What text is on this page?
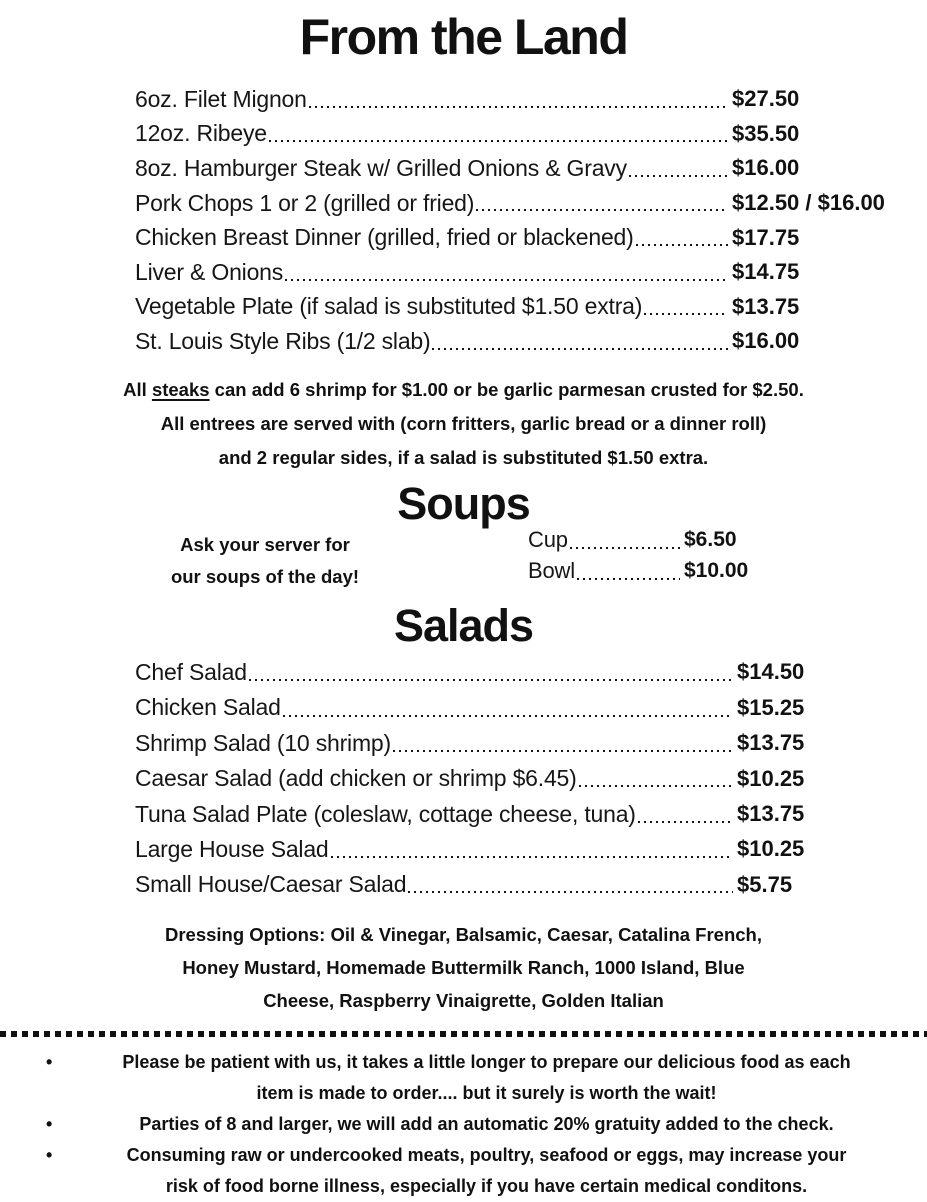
From the Land
6oz. Filet Mignon	$27.50
12oz. Ribeye	$35.50
8oz. Hamburger Steak w/ Grilled Onions & Gravy	$16.00
Pork Chops 1 or 2 (grilled or fried)	$12.50 / $16.00
Chicken Breast Dinner (grilled, fried or blackened)	$17.75
Liver & Onions	$14.75
Vegetable Plate (if salad is substituted $1.50 extra)	$13.75
St. Louis Style Ribs (1/2 slab)	$16.00
All steaks can add 6 shrimp for $1.00 or be garlic parmesan crusted for $2.50.
All entrees are served with (corn fritters, garlic bread or a dinner roll)
and 2 regular sides, if a salad is substituted $1.50 extra.
Soups
Ask your server for
our soups of the day!
Cup	$6.50
Bowl	$10.00
Salads
Chef Salad	$14.50
Chicken Salad	$15.25
Shrimp Salad (10 shrimp)	$13.75
Caesar Salad (add chicken or shrimp $6.45)	$10.25
Tuna Salad Plate (coleslaw, cottage cheese, tuna)	$13.75
Large House Salad	$10.25
Small House/Caesar Salad	$5.75
Dressing Options: Oil & Vinegar, Balsamic, Caesar, Catalina French,
Honey Mustard, Homemade Buttermilk Ranch, 1000 Island, Blue
Cheese, Raspberry Vinaigrette, Golden Italian
•	Please be patient with us, it takes a little longer to prepare our delicious food as each item is made to order.... but it surely is worth the wait!
•	Parties of 8 and larger, we will add an automatic 20% gratuity added to the check.
•	Consuming raw or undercooked meats, poultry, seafood or eggs, may increase your risk of food borne illness, especially if you have certain medical conditons.
